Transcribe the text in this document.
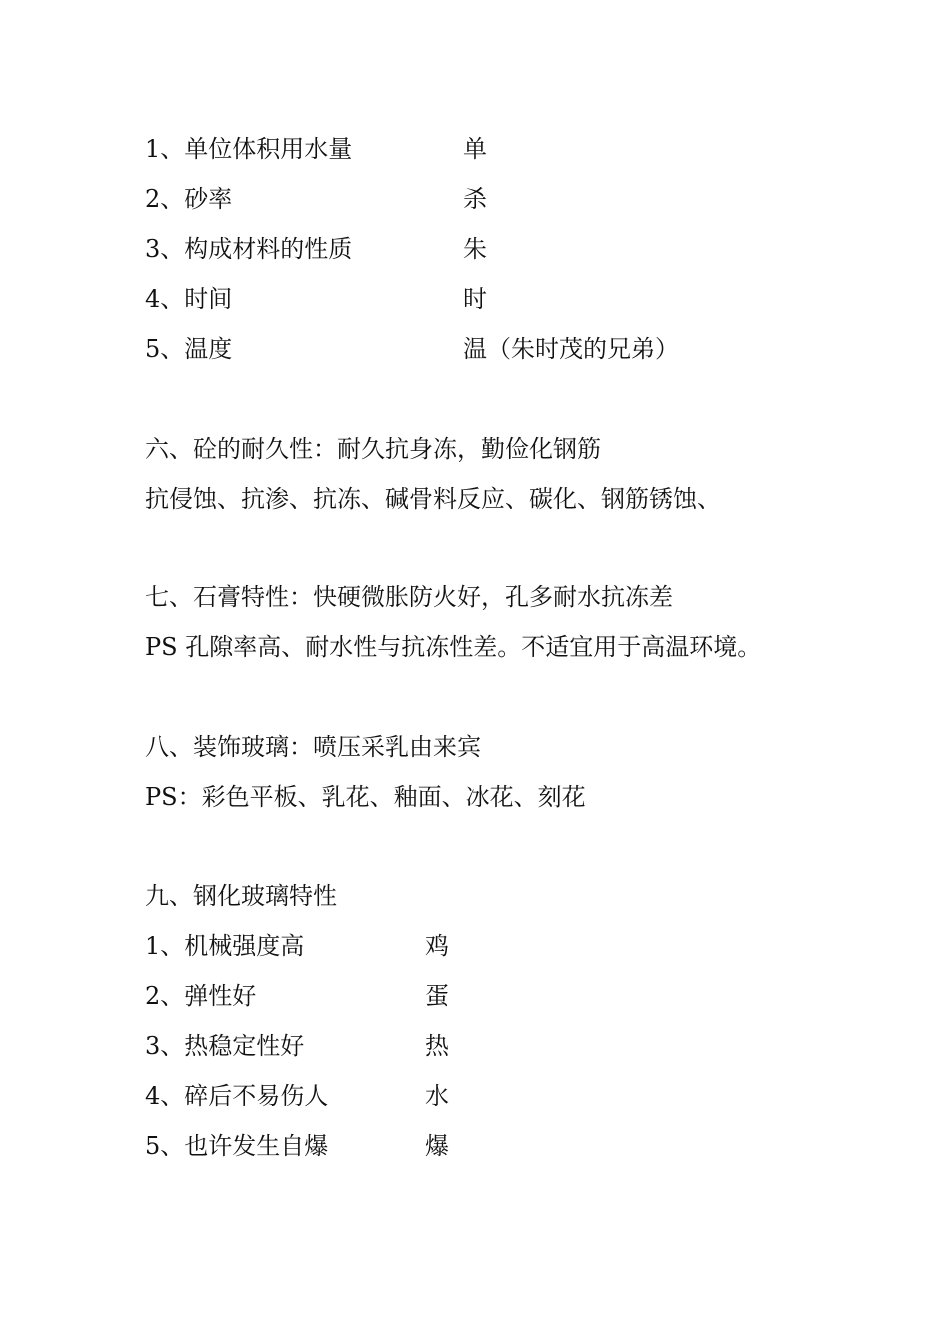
1、单位体积用水量	单
2、砂率	杀
3、构成材料的性质	朱
4、时间	时
5、温度	温（朱时茂的兄弟）
六、砼的耐久性：耐久抗身冻，勤俭化钢筋
抗侵蚀、抗渗、抗冻、碱骨料反应、碳化、钢筋锈蚀、
七、石膏特性：快硬微胀防火好，孔多耐水抗冻差
PS 孔隙率高、耐水性与抗冻性差。不适宜用于高温环境。
八、装饰玻璃：喷压采乳由来宾
PS：彩色平板、乳花、釉面、冰花、刻花
九、钢化玻璃特性
1、机械强度高	鸡
2、弹性好	蛋
3、热稳定性好	热
4、碎后不易伤人	水
5、也许发生自爆	爆
